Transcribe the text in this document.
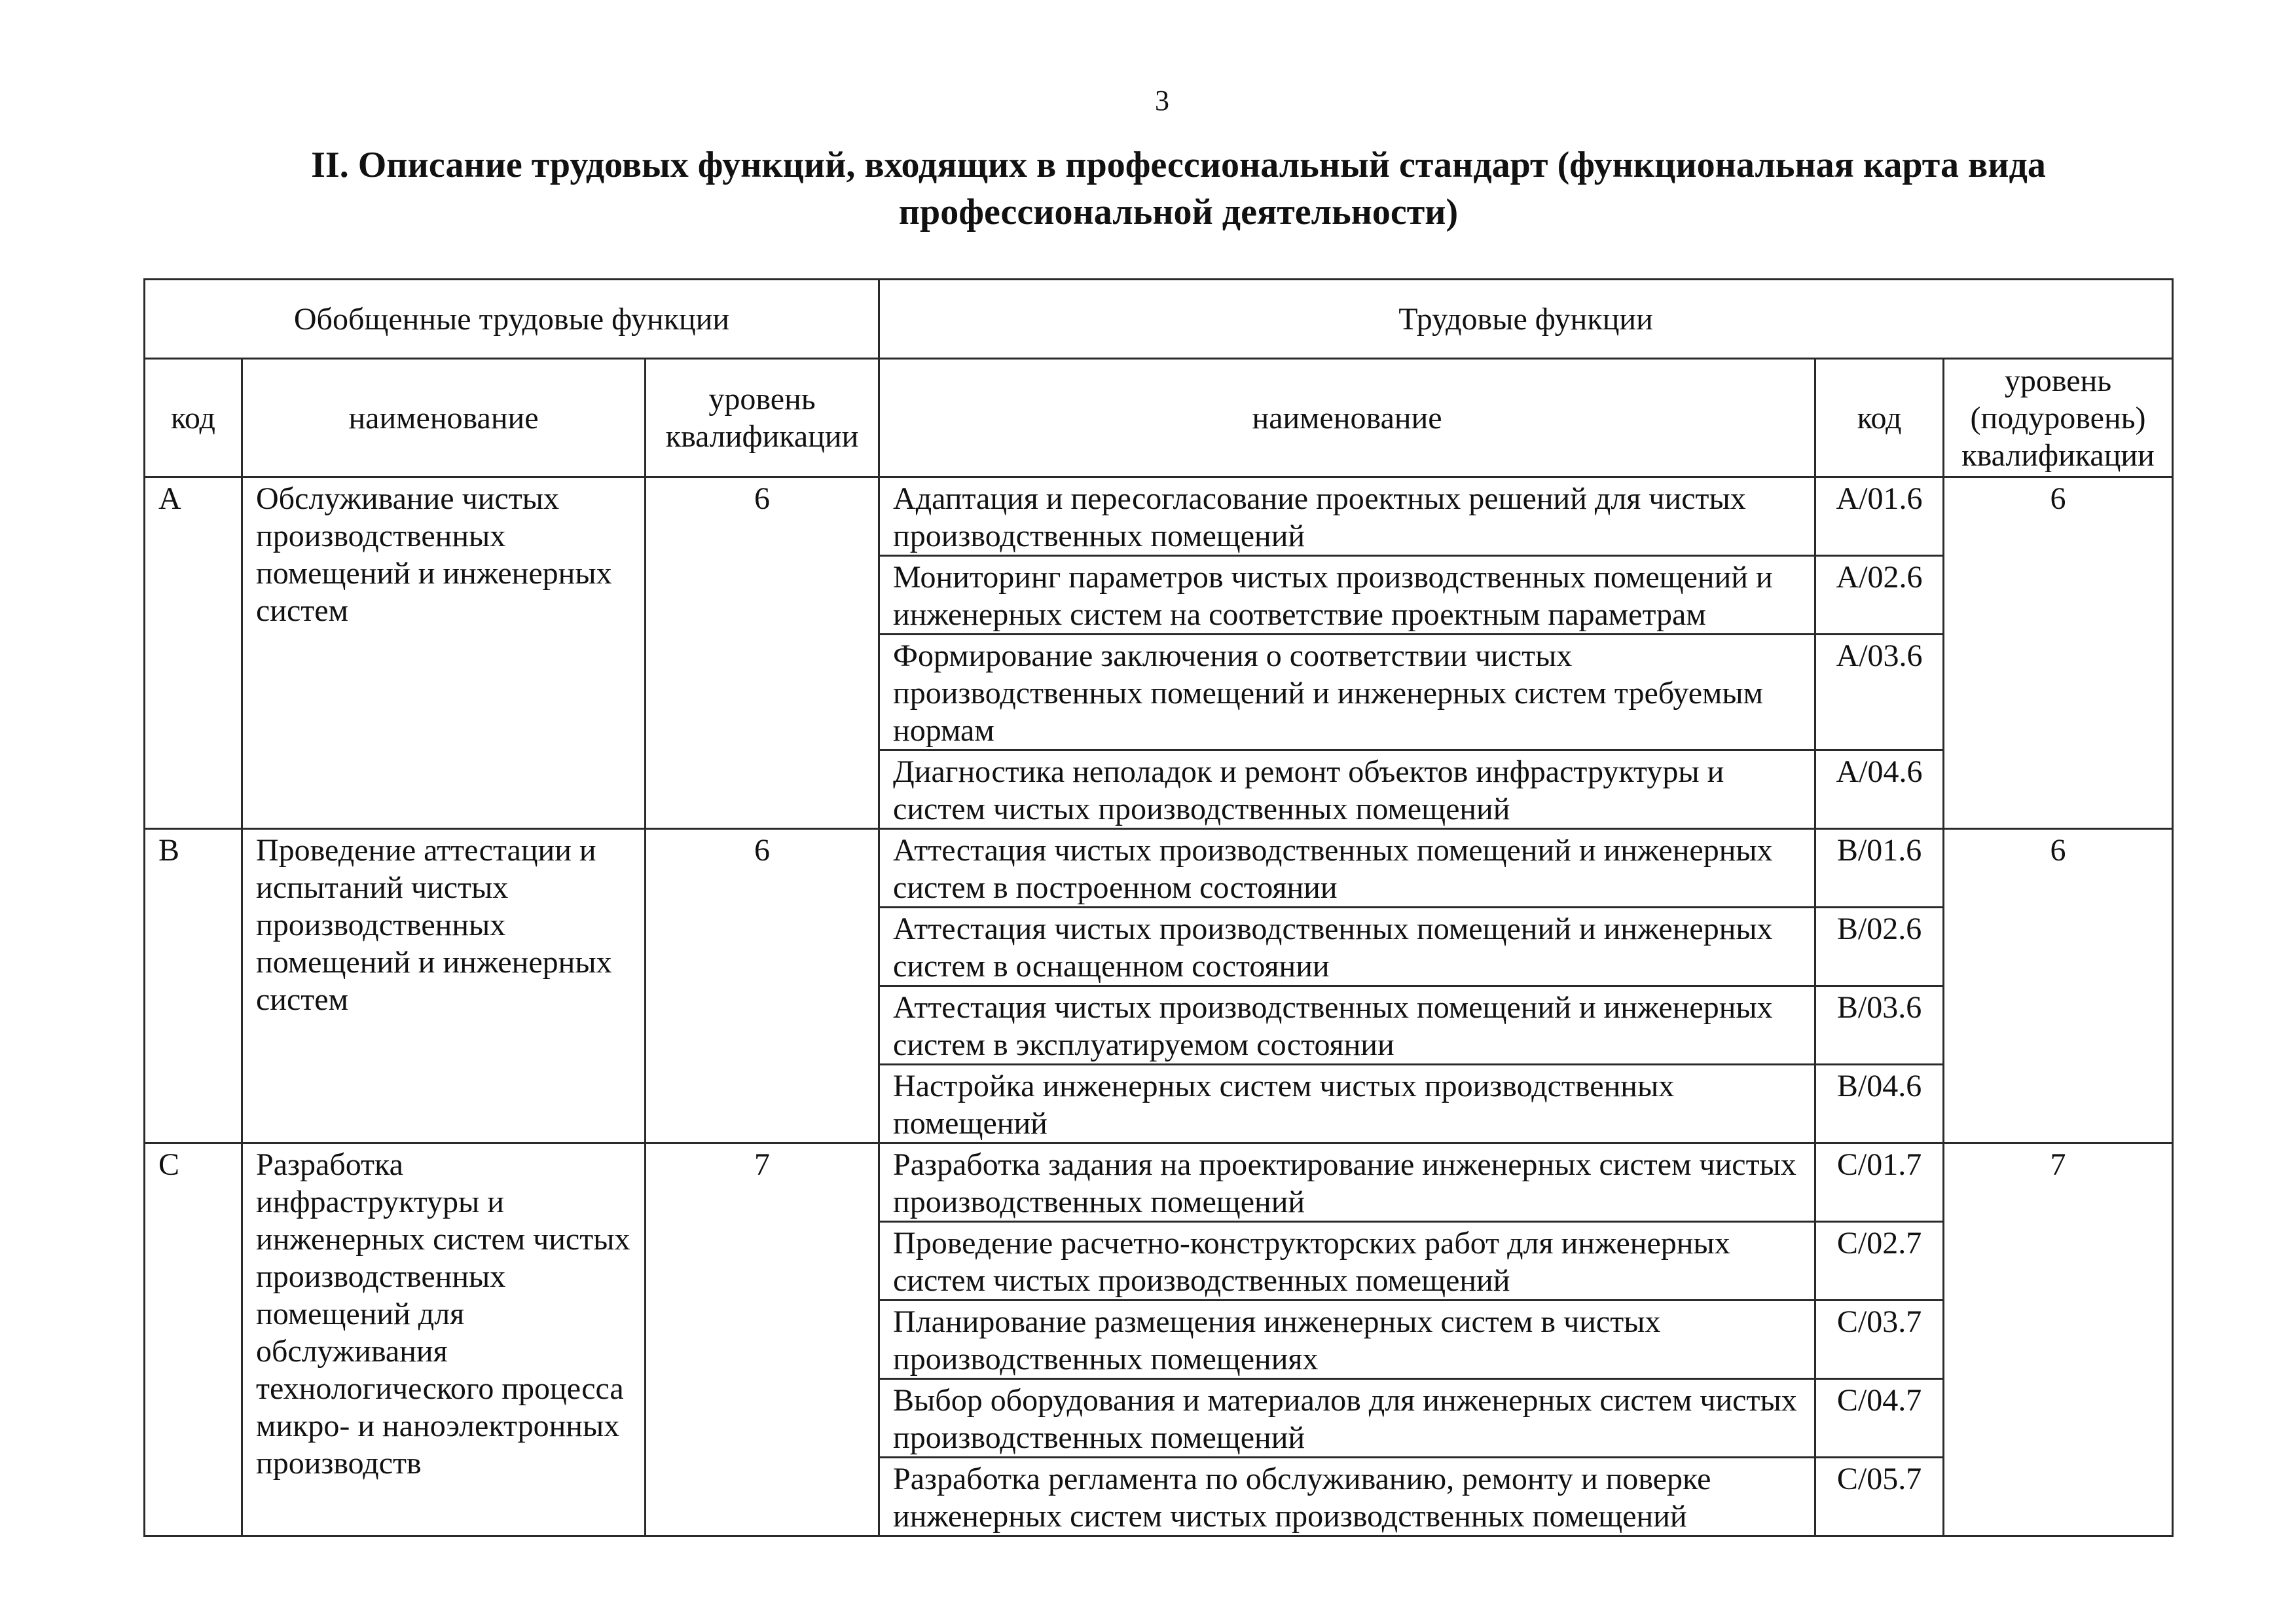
3
II. Описание трудовых функций, входящих в профессиональный стандарт (функциональная карта вида профессиональной деятельности)
Обобщенные трудовые функции			Трудовые функции		
код	наименование	уровень квалификации	наименование	код	уровень (подуровень) квалификации
A	Обслуживание чистых производственных помещений и инженерных систем	6	Адаптация и пересогласование проектных решений для чистых производственных помещений	A/01.6	6
			Мониторинг параметров чистых производственных помещений и инженерных систем на соответствие проектным параметрам	A/02.6	
			Формирование заключения о соответствии чистых производственных помещений и инженерных систем требуемым нормам	A/03.6	
			Диагностика неполадок и ремонт объектов инфраструктуры и систем чистых производственных помещений	A/04.6	
B	Проведение аттестации и испытаний чистых производственных помещений и инженерных систем	6	Аттестация чистых производственных помещений и инженерных систем в построенном состоянии	B/01.6	6
			Аттестация чистых производственных помещений и инженерных систем в оснащенном состоянии	B/02.6	
			Аттестация чистых производственных помещений и инженерных систем в эксплуатируемом состоянии	B/03.6	
			Настройка инженерных систем чистых производственных помещений	B/04.6	
C	Разработка инфраструктуры и инженерных систем чистых производственных помещений для обслуживания технологического процесса микро- и наноэлектронных производств	7	Разработка задания на проектирование инженерных систем чистых производственных помещений	C/01.7	7
			Проведение расчетно-конструкторских работ для инженерных систем чистых производственных помещений	C/02.7	
			Планирование размещения инженерных систем в чистых производственных помещениях	C/03.7	
			Выбор оборудования и материалов для инженерных систем чистых производственных помещений	C/04.7	
			Разработка регламента по обслуживанию, ремонту и поверке инженерных систем чистых производственных помещений	C/05.7	
